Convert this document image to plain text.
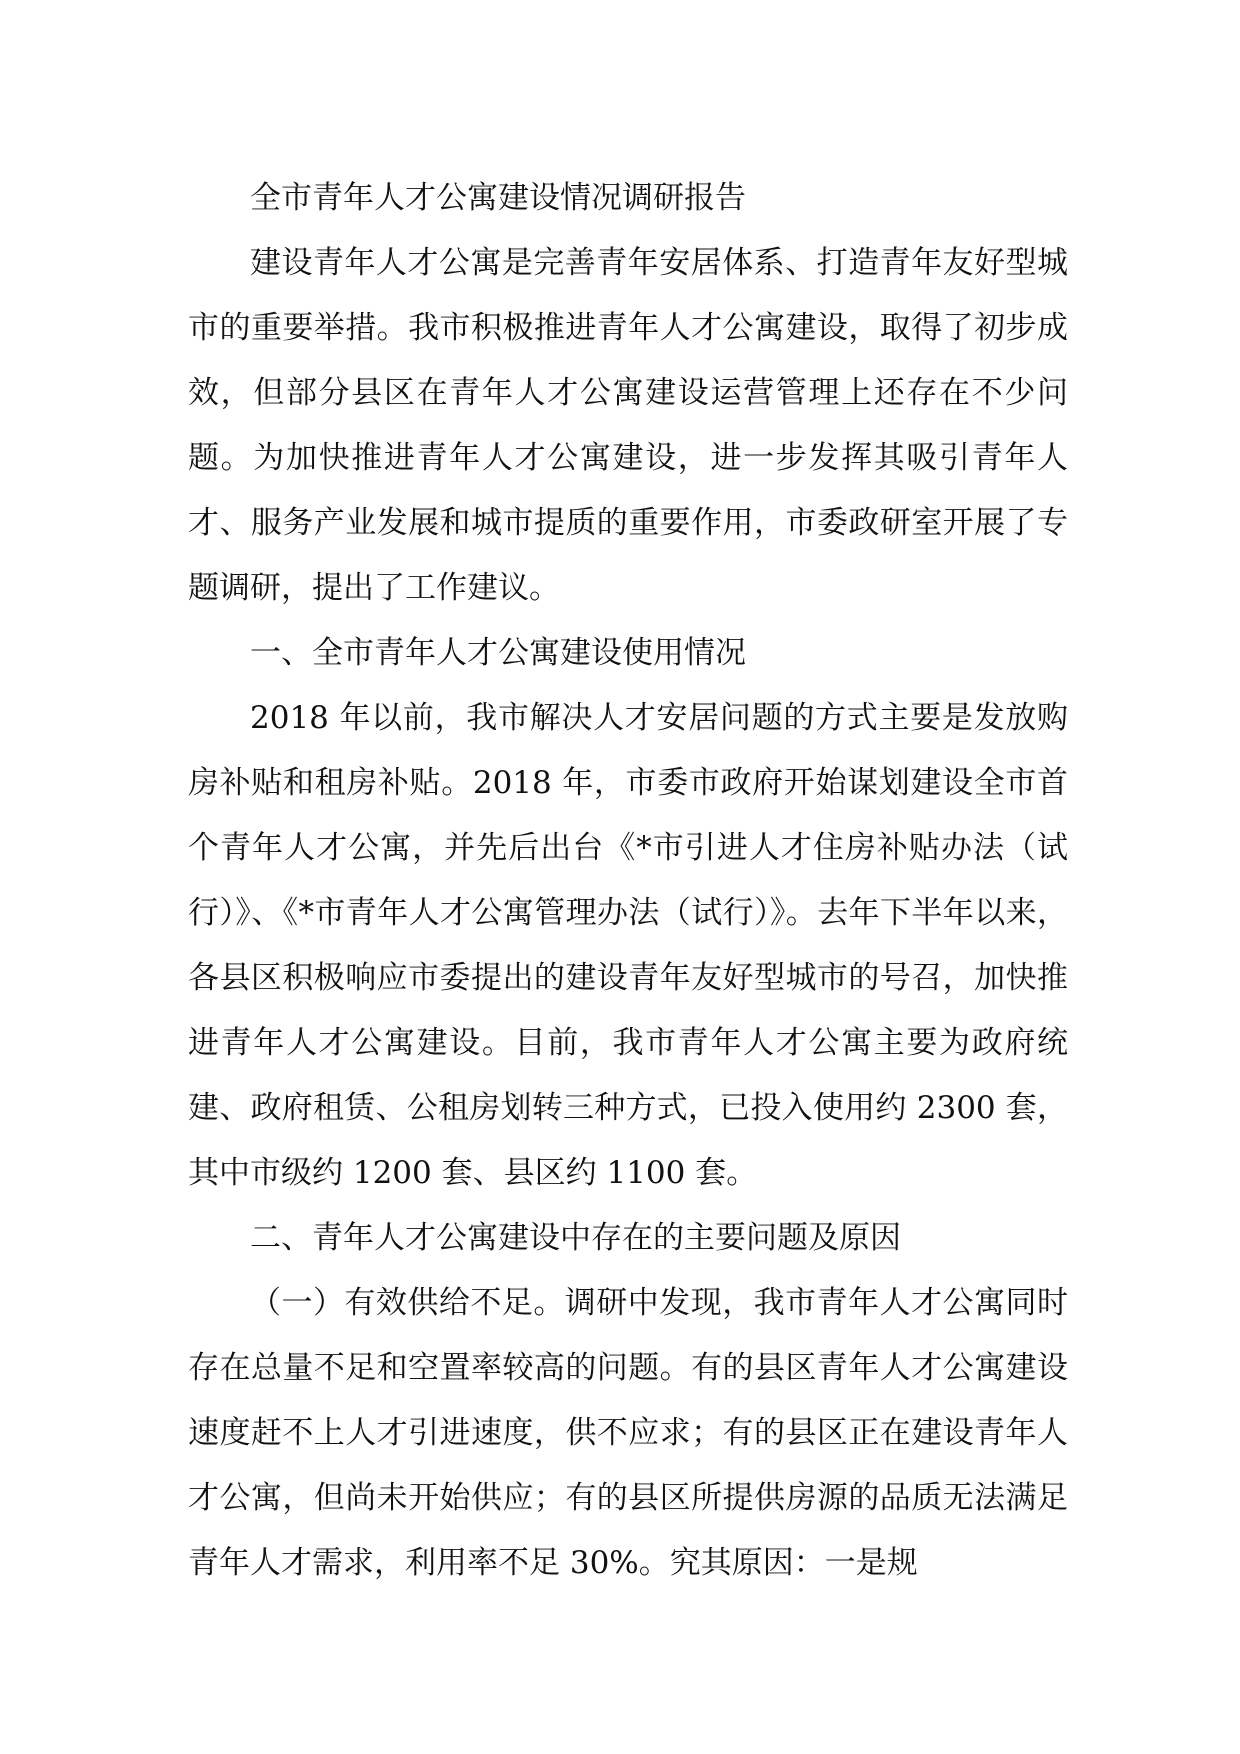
全市青年人才公寓建设情况调研报告

建设青年人才公寓是完善青年安居体系、打造青年友好型城市的重要举措。我市积极推进青年人才公寓建设，取得了初步成效，但部分县区在青年人才公寓建设运营管理上还存在不少问题。为加快推进青年人才公寓建设，进一步发挥其吸引青年人才、服务产业发展和城市提质的重要作用，市委政研室开展了专题调研，提出了工作建议。

一、全市青年人才公寓建设使用情况

2018 年以前，我市解决人才安居问题的方式主要是发放购房补贴和租房补贴。2018 年，市委市政府开始谋划建设全市首个青年人才公寓，并先后出台《*市引进人才住房补贴办法（试行）》、《*市青年人才公寓管理办法（试行）》。去年下半年以来，各县区积极响应市委提出的建设青年友好型城市的号召，加快推进青年人才公寓建设。目前，我市青年人才公寓主要为政府统建、政府租赁、公租房划转三种方式，已投入使用约 2300 套，其中市级约 1200 套、县区约 1100 套。

二、青年人才公寓建设中存在的主要问题及原因

（一）有效供给不足。调研中发现，我市青年人才公寓同时存在总量不足和空置率较高的问题。有的县区青年人才公寓建设速度赶不上人才引进速度，供不应求；有的县区正在建设青年人才公寓，但尚未开始供应；有的县区所提供房源的品质无法满足青年人才需求，利用率不足 30%。究其原因：一是规
